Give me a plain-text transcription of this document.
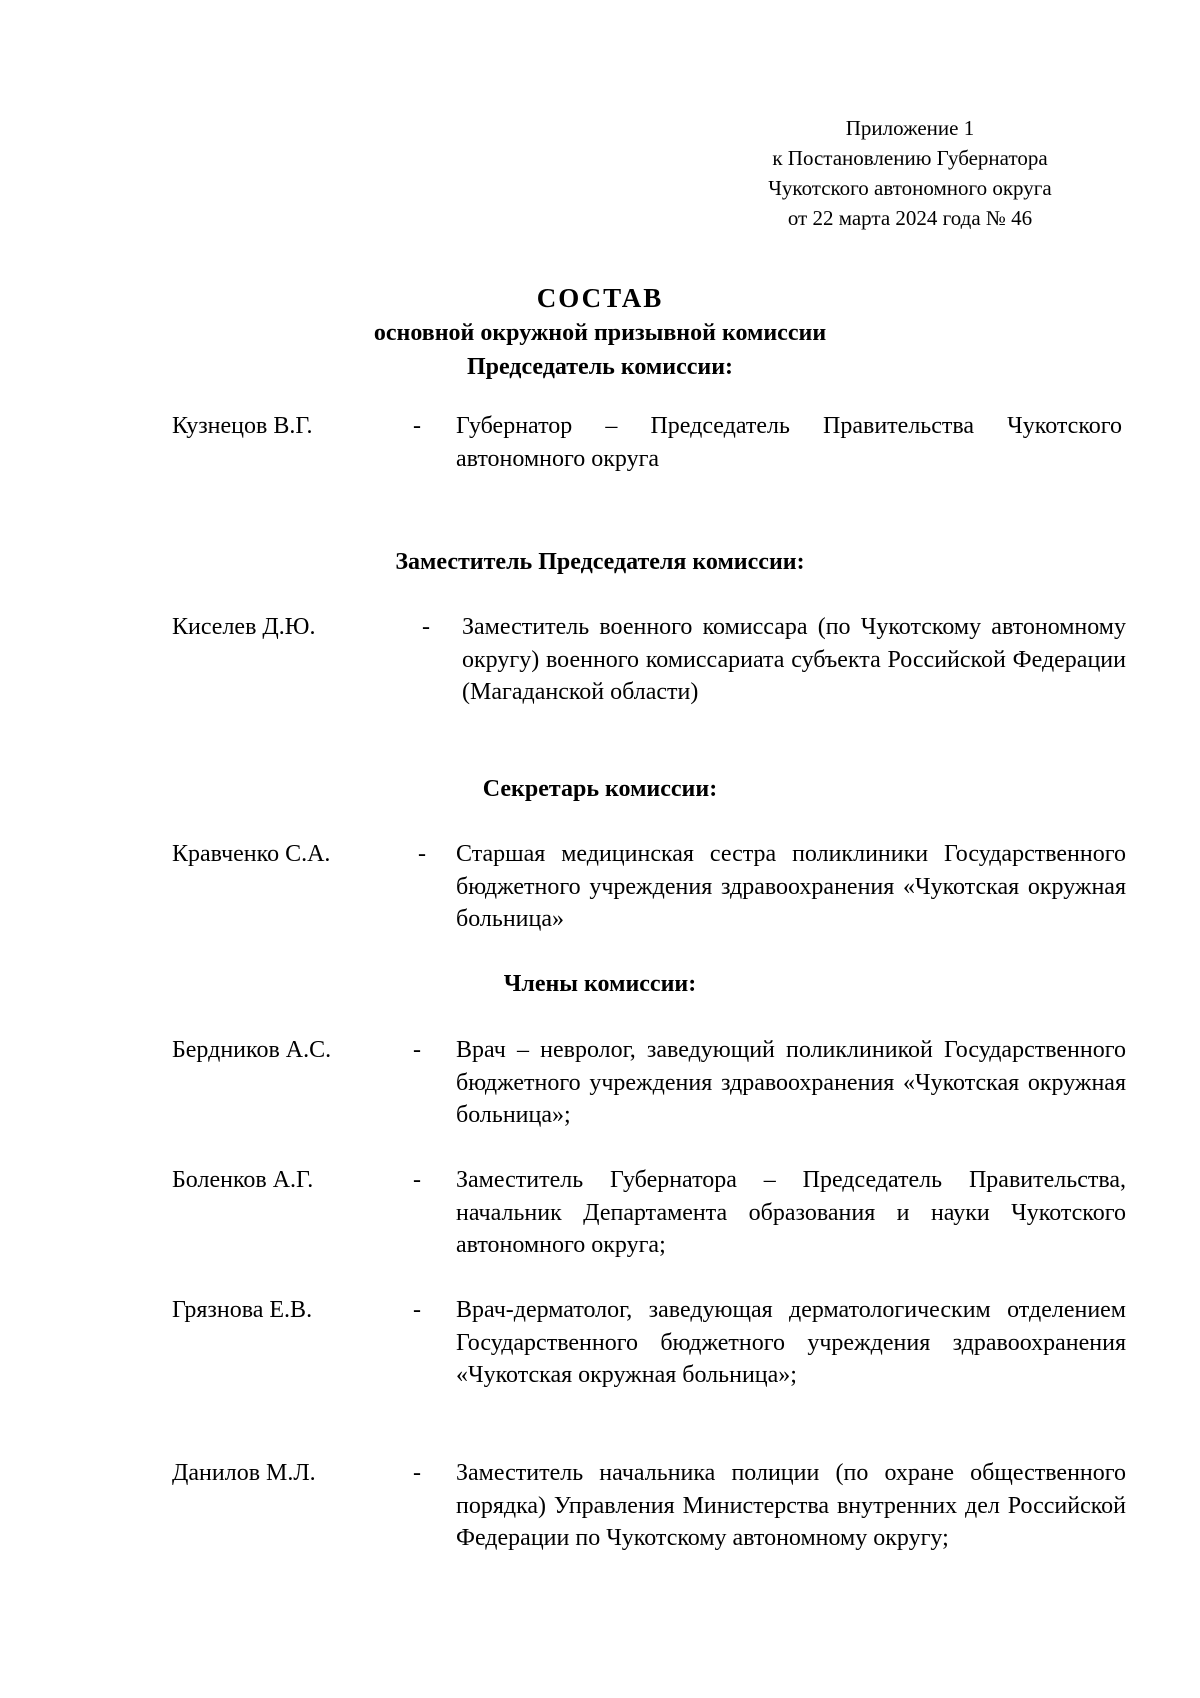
Приложение 1
к Постановлению Губернатора
Чукотского автономного округа
от 22 марта 2024 года № 46
СОСТАВ
основной окружной призывной комиссии
Председатель комиссии:
Кузнецов В.Г.	- Губернатор – Председатель Правительства Чукотского автономного округа
Заместитель Председателя комиссии:
Киселев Д.Ю.	- Заместитель военного комиссара (по Чукотскому автономному округу) военного комиссариата субъекта Российской Федерации (Магаданской области)
Секретарь комиссии:
Кравченко С.А.	- Старшая медицинская сестра поликлиники Государственного бюджетного учреждения здравоохранения «Чукотская окружная больница»
Члены комиссии:
Бердников А.С.	- Врач – невролог, заведующий поликлиникой Государственного бюджетного учреждения здравоохранения «Чукотская окружная больница»;
Боленков А.Г.	- Заместитель Губернатора – Председатель Правительства, начальник Департамента образования и науки Чукотского автономного округа;
Грязнова Е.В.	- Врач-дерматолог, заведующая дерматологическим отделением Государственного бюджетного учреждения здравоохранения «Чукотская окружная больница»;
Данилов М.Л.	- Заместитель начальника полиции (по охране общественного порядка) Управления Министерства внутренних дел Российской Федерации по Чукотскому автономному округу;
